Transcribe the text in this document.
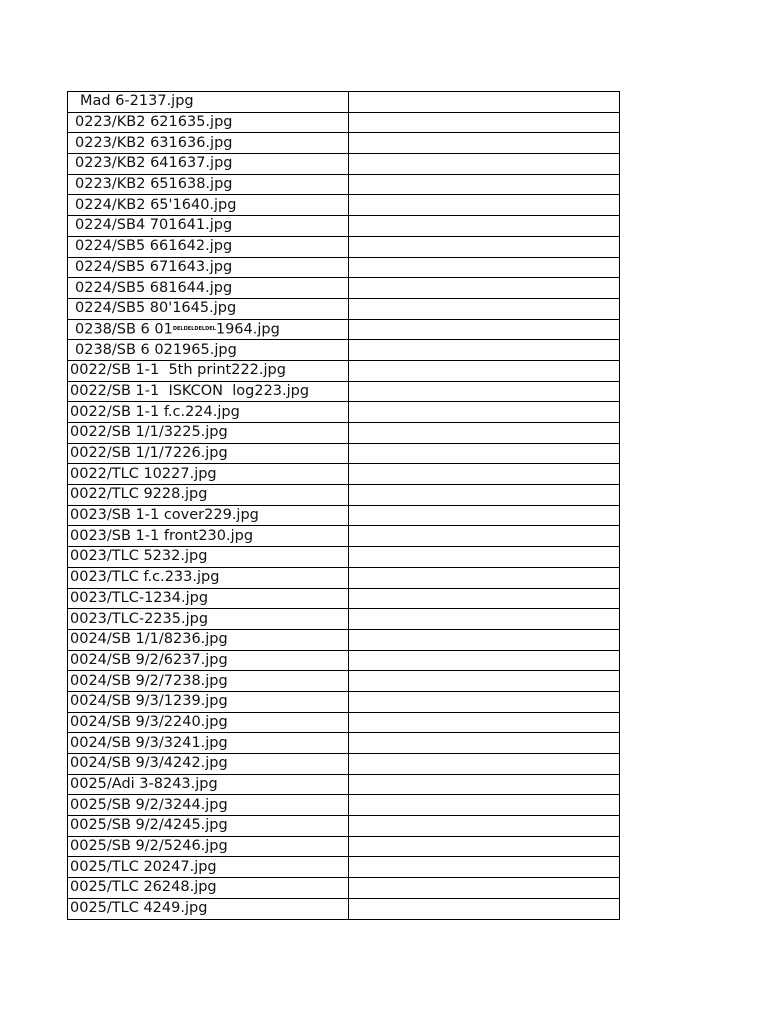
Mad 6-2137.jpg	
0223/KB2 621635.jpg	
0223/KB2 631636.jpg	
0223/KB2 641637.jpg	
0223/KB2 651638.jpg	
0224/KB2 65'1640.jpg	
0224/SB4 701641.jpg	
0224/SB5 661642.jpg	
0224/SB5 671643.jpg	
0224/SB5 681644.jpg	
0224/SB5 80'1645.jpg	
0238/SB 6 01DELDELDELDEL1964.jpg	
0238/SB 6 021965.jpg	
0022/SB 1-1  5th print222.jpg	
0022/SB 1-1  ISKCON  log223.jpg	
0022/SB 1-1 f.c.224.jpg	
0022/SB 1/1/3225.jpg	
0022/SB 1/1/7226.jpg	
0022/TLC 10227.jpg	
0022/TLC 9228.jpg	
0023/SB 1-1 cover229.jpg	
0023/SB 1-1 front230.jpg	
0023/TLC 5232.jpg	
0023/TLC f.c.233.jpg	
0023/TLC-1234.jpg	
0023/TLC-2235.jpg	
0024/SB 1/1/8236.jpg	
0024/SB 9/2/6237.jpg	
0024/SB 9/2/7238.jpg	
0024/SB 9/3/1239.jpg	
0024/SB 9/3/2240.jpg	
0024/SB 9/3/3241.jpg	
0024/SB 9/3/4242.jpg	
0025/Adi 3-8243.jpg	
0025/SB 9/2/3244.jpg	
0025/SB 9/2/4245.jpg	
0025/SB 9/2/5246.jpg	
0025/TLC 20247.jpg	
0025/TLC 26248.jpg	
0025/TLC 4249.jpg	
